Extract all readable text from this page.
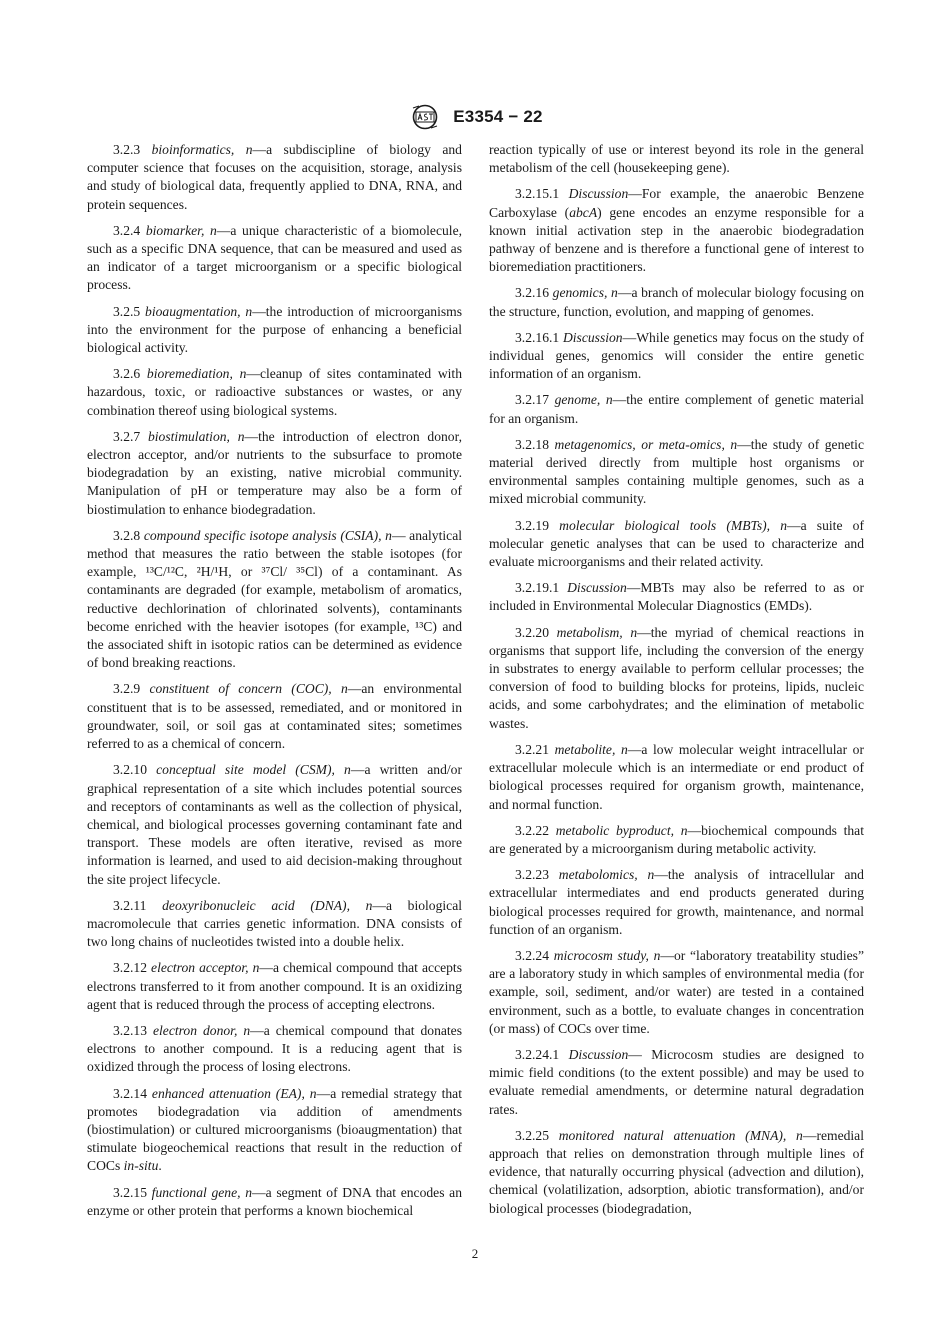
E3354 − 22

3.2.3 bioinformatics, n—a subdiscipline of biology and computer science that focuses on the acquisition, storage, analysis and study of biological data, frequently applied to DNA, RNA, and protein sequences.

3.2.4 biomarker, n—a unique characteristic of a biomolecule, such as a specific DNA sequence, that can be measured and used as an indicator of a target microorganism or a specific biological process.

3.2.5 bioaugmentation, n—the introduction of microorganisms into the environment for the purpose of enhancing a beneficial biological activity.

3.2.6 bioremediation, n—cleanup of sites contaminated with hazardous, toxic, or radioactive substances or wastes, or any combination thereof using biological systems.

3.2.7 biostimulation, n—the introduction of electron donor, electron acceptor, and/or nutrients to the subsurface to promote biodegradation by an existing, native microbial community. Manipulation of pH or temperature may also be a form of biostimulation to enhance biodegradation.

3.2.8 compound specific isotope analysis (CSIA), n— analytical method that measures the ratio between the stable isotopes (for example, ¹³C/¹²C, ²H/¹H, or ³⁷Cl/ ³⁵Cl) of a contaminant. As contaminants are degraded (for example, metabolism of aromatics, reductive dechlorination of chlorinated solvents), contaminants become enriched with the heavier isotopes (for example, ¹³C) and the associated shift in isotopic ratios can be determined as evidence of bond breaking reactions.

3.2.9 constituent of concern (COC), n—an environmental constituent that is to be assessed, remediated, and or monitored in groundwater, soil, or soil gas at contaminated sites; sometimes referred to as a chemical of concern.

3.2.10 conceptual site model (CSM), n—a written and/or graphical representation of a site which includes potential sources and receptors of contaminants as well as the collection of physical, chemical, and biological processes governing contaminant fate and transport. These models are often iterative, revised as more information is learned, and used to aid decision-making throughout the site project lifecycle.

3.2.11 deoxyribonucleic acid (DNA), n—a biological macromolecule that carries genetic information. DNA consists of two long chains of nucleotides twisted into a double helix.

3.2.12 electron acceptor, n—a chemical compound that accepts electrons transferred to it from another compound. It is an oxidizing agent that is reduced through the process of accepting electrons.

3.2.13 electron donor, n—a chemical compound that donates electrons to another compound. It is a reducing agent that is oxidized through the process of losing electrons.

3.2.14 enhanced attenuation (EA), n—a remedial strategy that promotes biodegradation via addition of amendments (biostimulation) or cultured microorganisms (bioaugmentation) that stimulate biogeochemical reactions that result in the reduction of COCs in-situ.

3.2.15 functional gene, n—a segment of DNA that encodes an enzyme or other protein that performs a known biochemical

reaction typically of use or interest beyond its role in the general metabolism of the cell (housekeeping gene).

3.2.15.1 Discussion—For example, the anaerobic Benzene Carboxylase (abcA) gene encodes an enzyme responsible for a known initial activation step in the anaerobic biodegradation pathway of benzene and is therefore a functional gene of interest to bioremediation practitioners.

3.2.16 genomics, n—a branch of molecular biology focusing on the structure, function, evolution, and mapping of genomes.

3.2.16.1 Discussion—While genetics may focus on the study of individual genes, genomics will consider the entire genetic information of an organism.

3.2.17 genome, n—the entire complement of genetic material for an organism.

3.2.18 metagenomics, or meta-omics, n—the study of genetic material derived directly from multiple host organisms or environmental samples containing multiple genomes, such as a mixed microbial community.

3.2.19 molecular biological tools (MBTs), n—a suite of molecular genetic analyses that can be used to characterize and evaluate microorganisms and their related activity.

3.2.19.1 Discussion—MBTs may also be referred to as or included in Environmental Molecular Diagnostics (EMDs).

3.2.20 metabolism, n—the myriad of chemical reactions in organisms that support life, including the conversion of the energy in substrates to energy available to perform cellular processes; the conversion of food to building blocks for proteins, lipids, nucleic acids, and some carbohydrates; and the elimination of metabolic wastes.

3.2.21 metabolite, n—a low molecular weight intracellular or extracellular molecule which is an intermediate or end product of biological processes required for organism growth, maintenance, and normal function.

3.2.22 metabolic byproduct, n—biochemical compounds that are generated by a microorganism during metabolic activity.

3.2.23 metabolomics, n—the analysis of intracellular and extracellular intermediates and end products generated during biological processes required for growth, maintenance, and normal function of an organism.

3.2.24 microcosm study, n—or “laboratory treatability studies” are a laboratory study in which samples of environmental media (for example, soil, sediment, and/or water) are tested in a contained environment, such as a bottle, to evaluate changes in concentration (or mass) of COCs over time.

3.2.24.1 Discussion— Microcosm studies are designed to mimic field conditions (to the extent possible) and may be used to evaluate remedial amendments, or determine natural degradation rates.

3.2.25 monitored natural attenuation (MNA), n—remedial approach that relies on demonstration through multiple lines of evidence, that naturally occurring physical (advection and dilution), chemical (volatilization, adsorption, abiotic transformation), and/or biological processes (biodegradation,

2
